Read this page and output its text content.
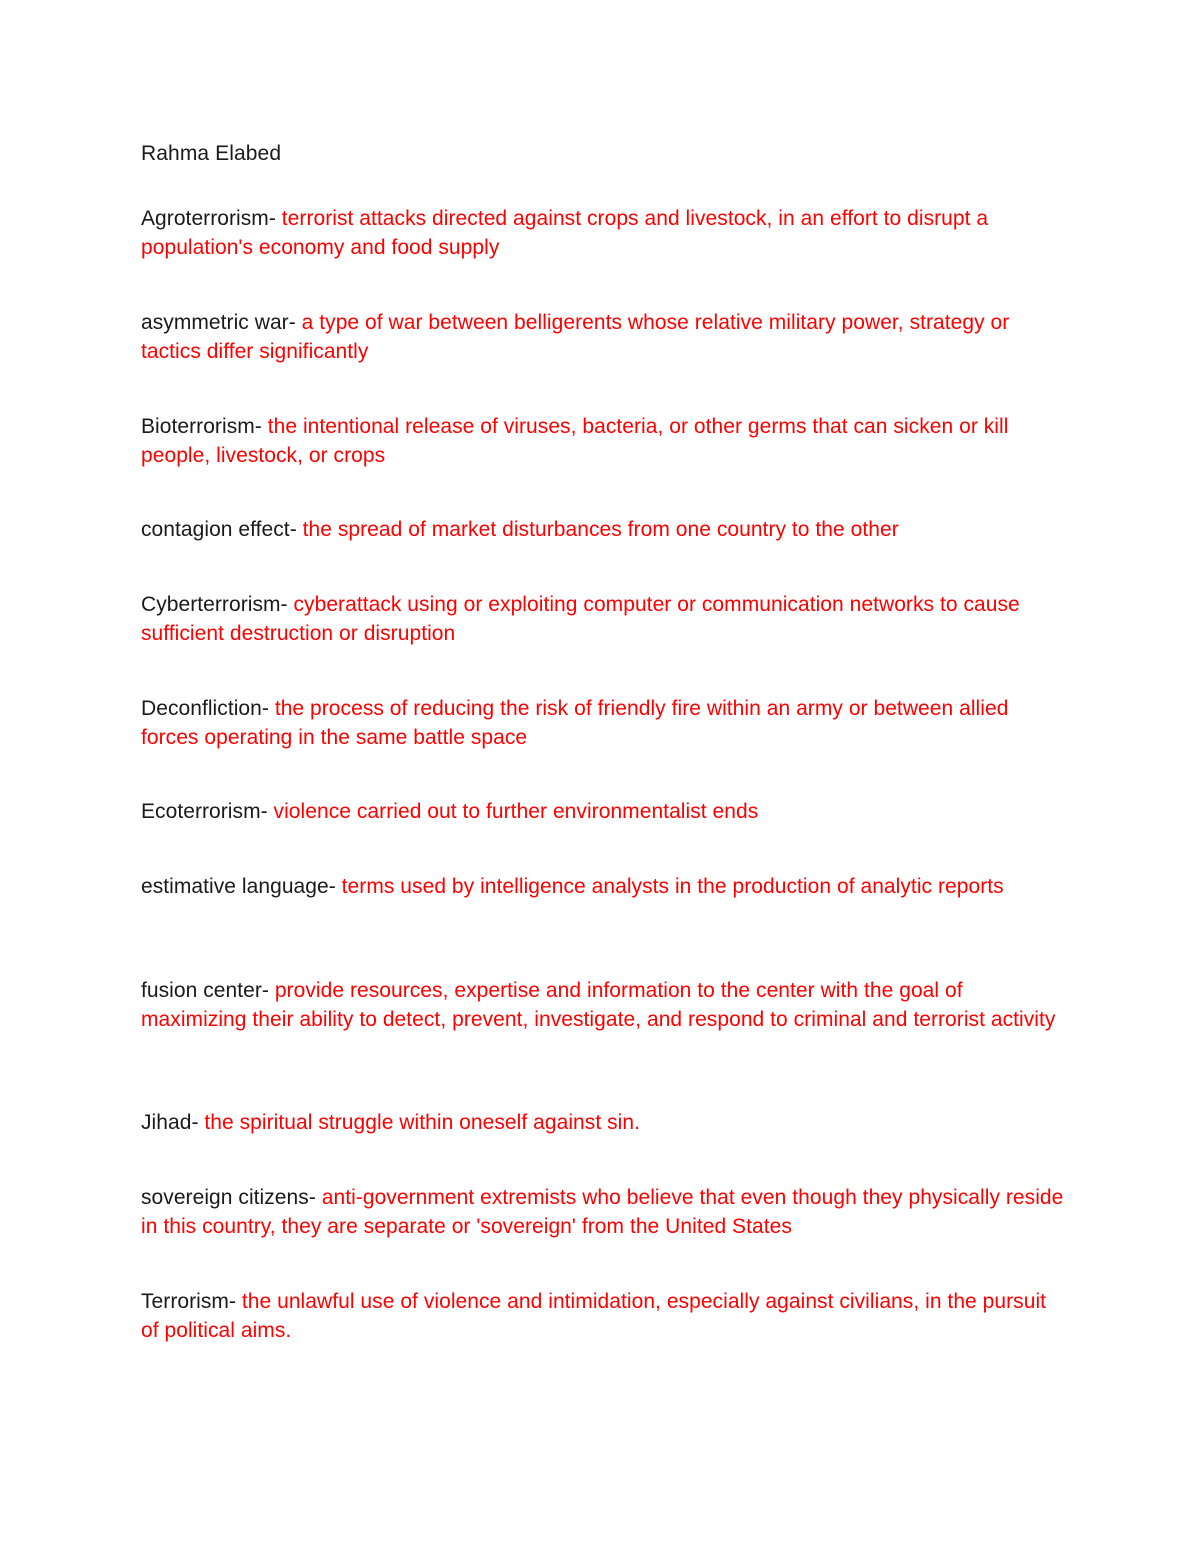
Rahma Elabed
Agroterrorism- terrorist attacks directed against crops and livestock, in an effort to disrupt a population's economy and food supply
asymmetric war- a type of war between belligerents whose relative military power, strategy or tactics differ significantly
Bioterrorism- the intentional release of viruses, bacteria, or other germs that can sicken or kill people, livestock, or crops
contagion effect- the spread of market disturbances from one country to the other
Cyberterrorism- cyberattack using or exploiting computer or communication networks to cause sufficient destruction or disruption
Deconfliction- the process of reducing the risk of friendly fire within an army or between allied forces operating in the same battle space
Ecoterrorism- violence carried out to further environmentalist ends
estimative language- terms used by intelligence analysts in the production of analytic reports
fusion center- provide resources, expertise and information to the center with the goal of maximizing their ability to detect, prevent, investigate, and respond to criminal and terrorist activity
Jihad- the spiritual struggle within oneself against sin.
sovereign citizens- anti-government extremists who believe that even though they physically reside in this country, they are separate or 'sovereign' from the United States
Terrorism- the unlawful use of violence and intimidation, especially against civilians, in the pursuit of political aims.
